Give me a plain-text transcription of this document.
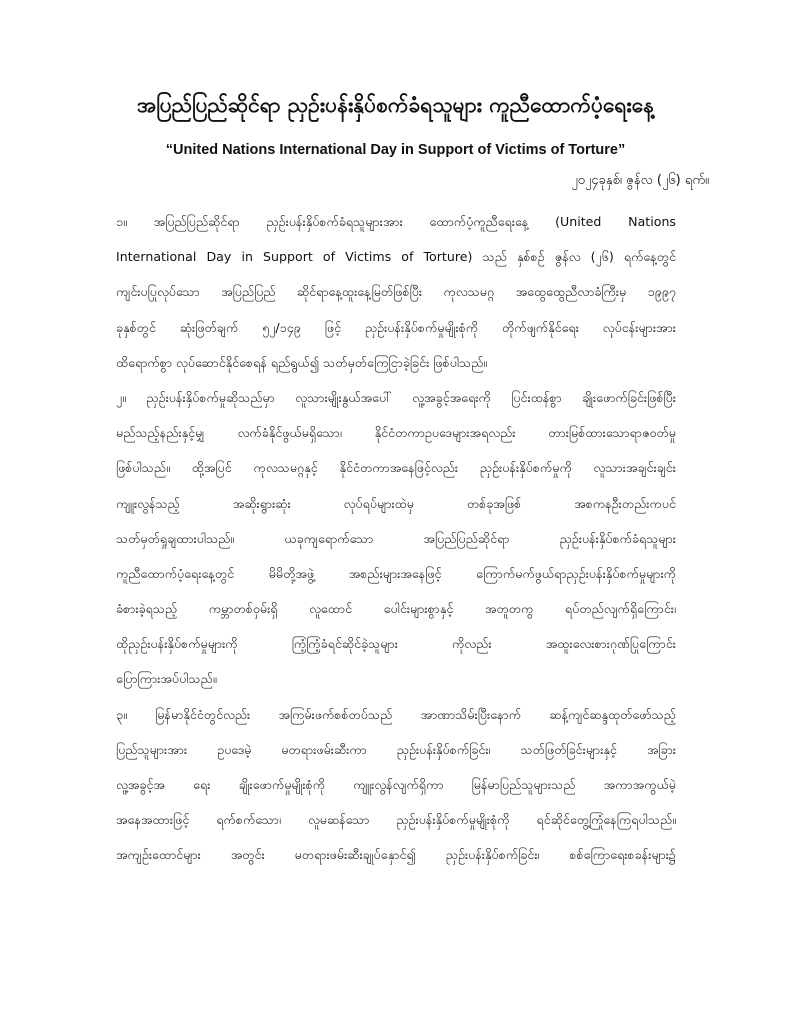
အပြည်ပြည်ဆိုင်ရာ ညှဉ်းပန်းနှိပ်စက်ခံရသူများ ကူညီထောက်ပံ့ရေးနေ့
“United Nations International Day in Support of Victims of Torture”
၂၀၂၄ခုနှစ်၊ ဇွန်လ (၂၆) ရက်။
၁။ အပြည်ပြည်ဆိုင်ရာ ညှဉ်းပန်းနှိပ်စက်ခံရသူများအား ထောက်ပံ့ကူညီရေးနေ့ (United Nations
International Day in Support of Victims of Torture) သည် နှစ်စဉ် ဇွန်လ (၂၆) ရက်နေ့တွင်
ကျင်းပပြုလုပ်သော အပြည်ပြည် ဆိုင်ရာနေ့ထူးနေ့မြတ်ဖြစ်ပြီး ကုလသမဂ္ဂ အထွေထွေညီလာခံကြီးမှ ၁၉၉၇
ခုနှစ်တွင် ဆုံးဖြတ်ချက် ၅၂/၁၄၉ ဖြင့် ညှဉ်းပန်းနှိပ်စက်မှုမျိုးစုံကို တိုက်ဖျက်နိုင်ရေး လုပ်ငန်းများအား
ထိရောက်စွာ လုပ်ဆောင်နိုင်စေရန် ရည်ရွယ်၍ သတ်မှတ်ကြေငြာခဲ့ခြင်း ဖြစ်ပါသည်။
၂။ ညှဉ်းပန်းနှိပ်စက်မှုဆိုသည်မှာ လူသားမျိုးနွယ်အပေါ် လူ့အခွင့်အရေးကို ပြင်းထန်စွာ ချိုးဖောက်ခြင်းဖြစ်ပြီး
မည်သည့်နည်းနှင့်မျှ လက်ခံနိုင်ဖွယ်မရှိသော၊ နိုင်ငံတကာဥပဒေများအရလည်း တားမြစ်ထားသောရာဇဝတ်မှု
ဖြစ်ပါသည်။ ထို့အပြင် ကုလသမဂ္ဂနှင့် နိုင်ငံတကာအနေဖြင့်လည်း ညှဉ်းပန်းနှိပ်စက်မှုကို လူသားအချင်းချင်း
ကျူးလွန်သည့် အဆိုးရွားဆုံး လုပ်ရပ်များထဲမှ တစ်ခုအဖြစ် အစကနဦးတည်းကပင်
သတ်မှတ်ရှုချထားပါသည်။ ယခုကျရောက်သော အပြည်ပြည်ဆိုင်ရာ ညှဉ်းပန်းနှိပ်စက်ခံရသူများ
ကူညီထောက်ပံ့ရေးနေ့တွင် မိမိတို့အဖွဲ့ အစည်းများအနေဖြင့် ကြောက်မက်ဖွယ်ရာညှဉ်းပန်းနှိပ်စက်မှုများကို
ခံစားခဲ့ရသည့် ကမ္ဘာတစ်ဝှမ်းရှိ လူထောင် ပေါင်းများစွာနှင့် အတူတကွ ရပ်တည်လျက်ရှိကြောင်း၊
ထိုညှဉ်းပန်းနှိပ်စက်မှုများကို ကြံ့ကြံ့ခံရင်ဆိုင်ခဲ့သူများ ကိုလည်း အထူးလေးစားဂုဏ်ပြုကြောင်း
ပြောကြားအပ်ပါသည်။
၃။ မြန်မာနိုင်ငံတွင်လည်း အကြမ်းဖက်စစ်တပ်သည် အာဏာသိမ်းပြီးနောက် ဆန့်ကျင်ဆန္ဒထုတ်ဖော်သည့်
ပြည်သူများအား ဥပဒေမဲ့ မတရားဖမ်းဆီးကာ ညှဉ်းပန်းနှိပ်စက်ခြင်း၊ သတ်ဖြတ်ခြင်းများနှင့် အခြား
လူ့အခွင့်အ ရေး ချိုးဖောက်မှုမျိုးစုံကို ကျူးလွန်လျက်ရှိကာ မြန်မာပြည်သူများသည် အကာအကွယ်မဲ့
အနေအထားဖြင့် ရက်စက်သော၊ လူမဆန်သော ညှဉ်းပန်းနှိပ်စက်မှုမျိုးစုံကို ရင်ဆိုင်တွေ့ကြုံနေကြရပါသည်။
အကျဉ်းထောင်များ အတွင်း မတရားဖမ်းဆီးချုပ်နှောင်၍ ညှဉ်းပန်းနှိပ်စက်ခြင်း၊ စစ်ကြောရေးစခန်းများ၌
